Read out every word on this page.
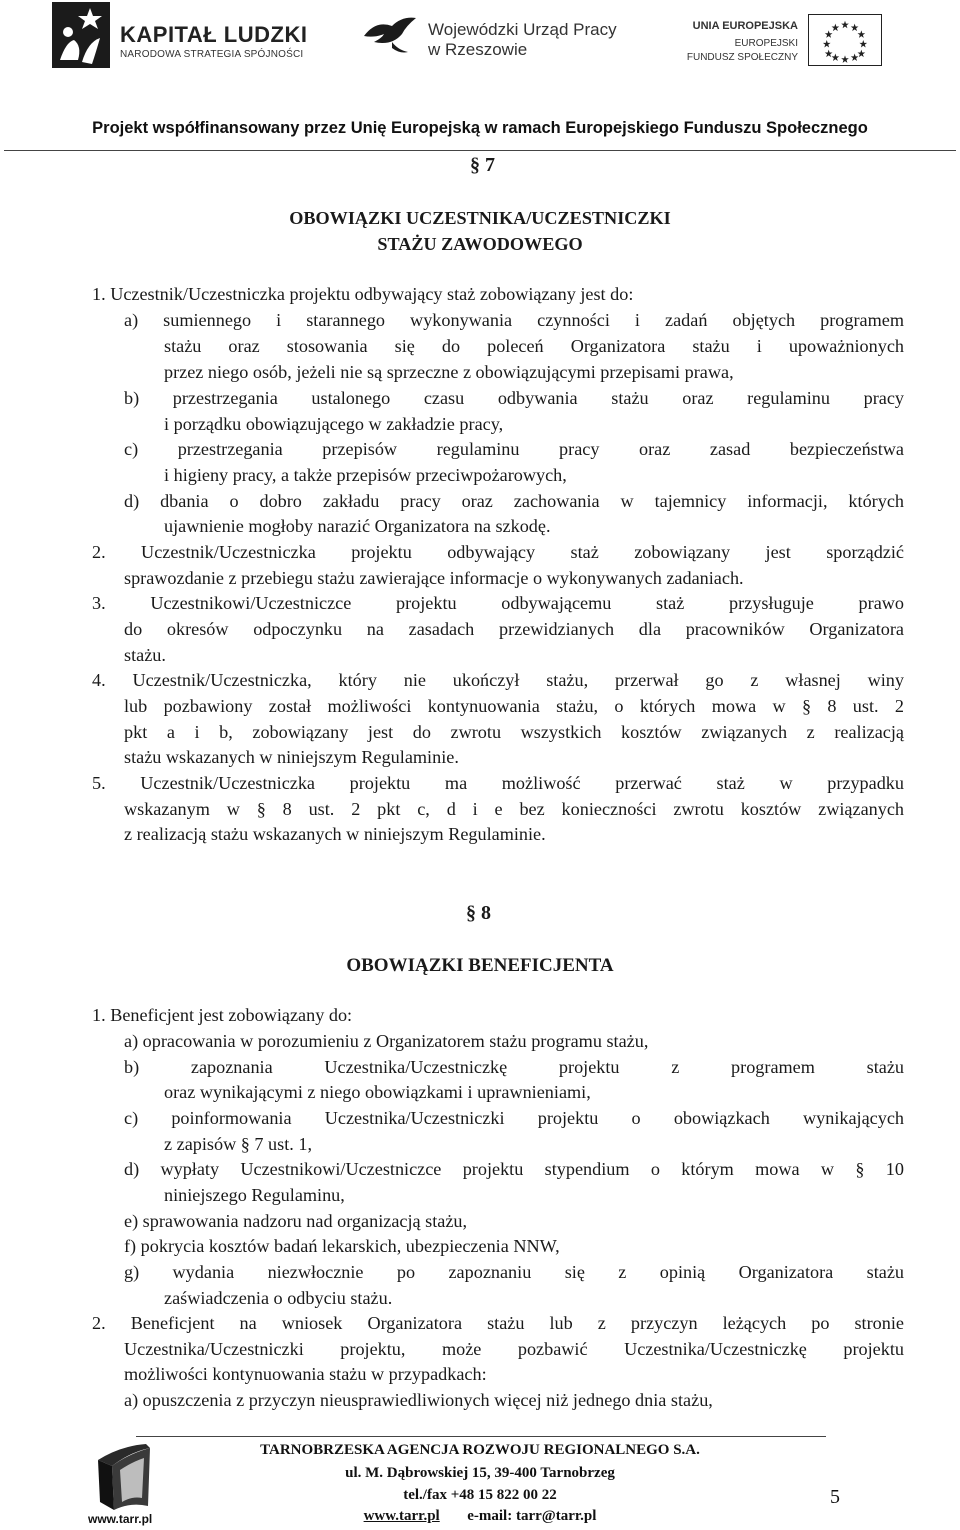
KAPITAŁ LUDZKI
NARODOWA STRATEGIA SPÓJNOŚCI
Wojewódzki Urząd Pracy
w Rzeszowie
UNIA EUROPEJSKA
EUROPEJSKI
FUNDUSZ SPOŁECZNY
Projekt współfinansowany przez Unię Europejską w ramach Europejskiego Funduszu Społecznego
§ 7
OBOWIĄZKI UCZESTNIKA/UCZESTNICZKI
STAŻU ZAWODOWEGO
1. Uczestnik/Uczestniczka projektu odbywający staż zobowiązany jest do:
a) sumiennego i starannego wykonywania czynności i zadań objętych programem
stażu oraz stosowania się do poleceń Organizatora stażu i upoważnionych
przez niego osób, jeżeli nie są sprzeczne z obowiązującymi przepisami prawa,
b) przestrzegania ustalonego czasu odbywania stażu oraz regulaminu pracy
i porządku obowiązującego w zakładzie pracy,
c) przestrzegania przepisów regulaminu pracy oraz zasad bezpieczeństwa
i higieny pracy, a także przepisów przeciwpożarowych,
d) dbania o dobro zakładu pracy oraz zachowania w tajemnicy informacji, których
ujawnienie mogłoby narazić Organizatora na szkodę.
2. Uczestnik/Uczestniczka projektu odbywający staż zobowiązany jest sporządzić
sprawozdanie z przebiegu stażu zawierające informacje o wykonywanych zadaniach.
3. Uczestnikowi/Uczestniczce projektu odbywającemu staż przysługuje prawo
do okresów odpoczynku na zasadach przewidzianych dla pracowników Organizatora
stażu.
4. Uczestnik/Uczestniczka, który nie ukończył stażu, przerwał go z własnej winy
lub pozbawiony został możliwości kontynuowania stażu, o których mowa w § 8 ust. 2
pkt a i b, zobowiązany jest do zwrotu wszystkich kosztów związanych z realizacją
stażu wskazanych w niniejszym Regulaminie.
5. Uczestnik/Uczestniczka projektu ma możliwość przerwać staż w przypadku
wskazanym w § 8 ust. 2 pkt c, d i e bez konieczności zwrotu kosztów związanych
z realizacją stażu wskazanych w niniejszym Regulaminie.
§ 8
OBOWIĄZKI BENEFICJENTA
1. Beneficjent jest zobowiązany do:
a) opracowania w porozumieniu z Organizatorem stażu programu stażu,
b) zapoznania Uczestnika/Uczestniczkę projektu z programem stażu
oraz wynikającymi z niego obowiązkami i uprawnieniami,
c) poinformowania Uczestnika/Uczestniczki projektu o obowiązkach wynikających
z zapisów § 7 ust. 1,
d) wypłaty Uczestnikowi/Uczestniczce projektu stypendium o którym mowa w § 10
niniejszego Regulaminu,
e) sprawowania nadzoru nad organizacją stażu,
f) pokrycia kosztów badań lekarskich, ubezpieczenia NNW,
g) wydania niezwłocznie po zapoznaniu się z opinią Organizatora stażu
zaświadczenia o odbyciu stażu.
2. Beneficjent na wniosek Organizatora stażu lub z przyczyn leżących po stronie
Uczestnika/Uczestniczki projektu, może pozbawić Uczestnika/Uczestniczkę projektu
możliwości kontynuowania stażu w przypadkach:
a) opuszczenia z przyczyn nieusprawiedliwionych więcej niż jednego dnia stażu,
www.tarr.pl
TARNOBRZESKA AGENCJA ROZWOJU REGIONALNEGO S.A.
ul. M. Dąbrowskiej 15, 39-400 Tarnobrzeg
tel./fax +48 15 822 00 22
www.tarr.pl e-mail: tarr@tarr.pl
5
